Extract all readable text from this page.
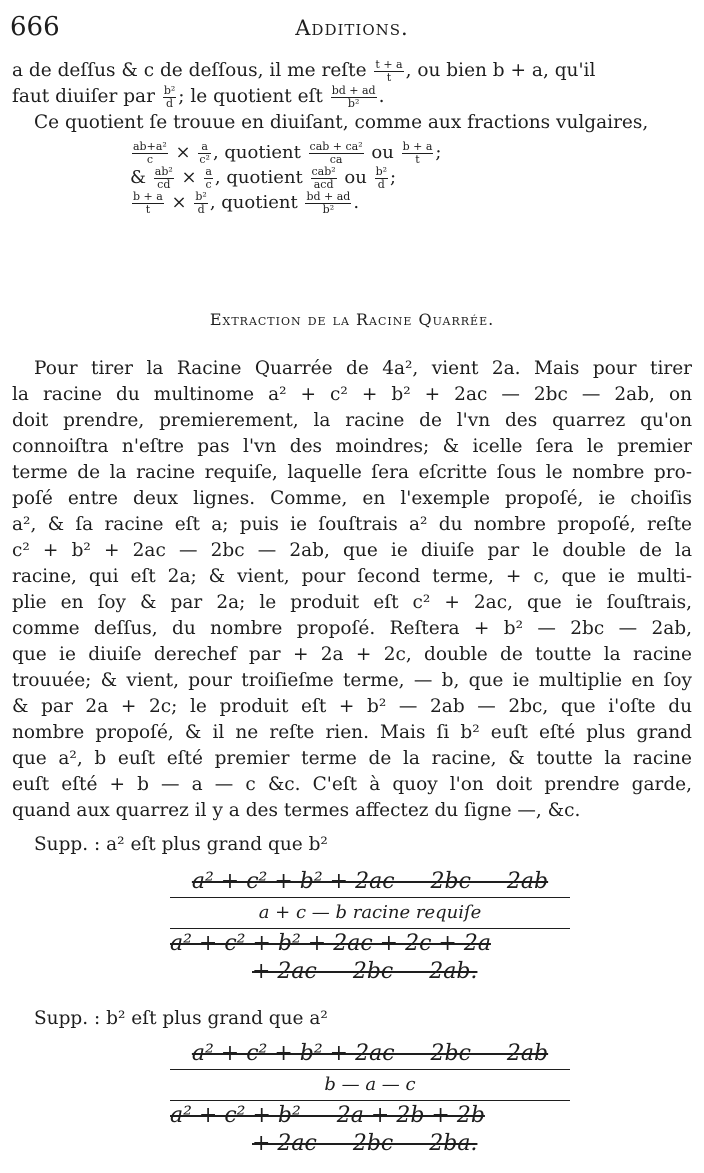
666	Additions.
a de deſſus & c de deſſous, il me reſte $\frac{t + a}{t}$ , ou bien b + a, qu'il
faut diuiſer par $\frac{\text{b²}}{d}$ ; le quotient eſt $\frac{bd + ad}{\text{b²}}$ .
Ce quotient ſe trouue en diuiſant, comme aux fractions vulgaires,
$\frac{\text{ab+a²}}{c} \times \frac{a}{\text{c²}}$ , quotient $\frac{\text{cab + ca²}}{ca}$ ou $\frac{b + a}{t}$ ;
& $\frac{\text{ab²}}{cd} \times \frac{a}{c}$ , quotient $\frac{\text{cab²}}{\text{acd}}$ ou $\frac{\text{b²}}{d}$ ;
$\frac{b + a}{t} \times \frac{\text{b²}}{d}$ , quotient $\frac{bd + ad}{\text{b²}}$ .
Extraction de la Racine Quarrée.
Pour tirer la Racine Quarrée de 4a², vient 2a. Mais pour tirer
la racine du multinome a² + c² + b² + 2ac — 2bc — 2ab, on
doit prendre, premierement, la racine de l'vn des quarrez qu'on
connoiſtra n'eſtre pas l'vn des moindres; & icelle ſera le premier
terme de la racine requiſe, laquelle ſera eſcritte ſous le nombre pro-
poſé entre deux lignes. Comme, en l'exemple propoſé, ie choiſis
a², & ſa racine eſt a; puis ie ſouſtrais a² du nombre propoſé, reſte
c² + b² + 2ac — 2bc — 2ab, que ie diuiſe par le double de la
racine, qui eſt 2a; & vient, pour ſecond terme, + c, que ie multi-
plie en ſoy & par 2a; le produit eſt c² + 2ac, que ie ſouſtrais,
comme deſſus, du nombre propoſé. Reſtera + b² — 2bc — 2ab,
que ie diuiſe derechef par + 2a + 2c, double de toutte la racine
trouuée; & vient, pour troiſieſme terme, — b, que ie multiplie en ſoy
& par 2a + 2c; le produit eſt + b² — 2ab — 2bc, que i'oſte du
nombre propoſé, & il ne reſte rien. Mais ſi b² euſt eſté plus grand
que a², b euſt eſté premier terme de la racine, & toutte la racine
euſt eſté + b — a — c &c. C'eſt à quoy l'on doit prendre garde,
quand aux quarrez il y a des termes affectez du ſigne —, &c.
Supp. : a² eſt plus grand que b²
a² + c² + b² + 2ac — 2bc — 2ab
a + c — b racine requiſe
a² + c² + b² + 2ac + 2c + 2a
+ 2ac — 2bc — 2ab.
Supp. : b² eſt plus grand que a²
a² + c² + b² + 2ac — 2bc — 2ab
b — a — c
a² + c² + b² — 2a + 2b + 2b
+ 2ac — 2bc — 2ba.
